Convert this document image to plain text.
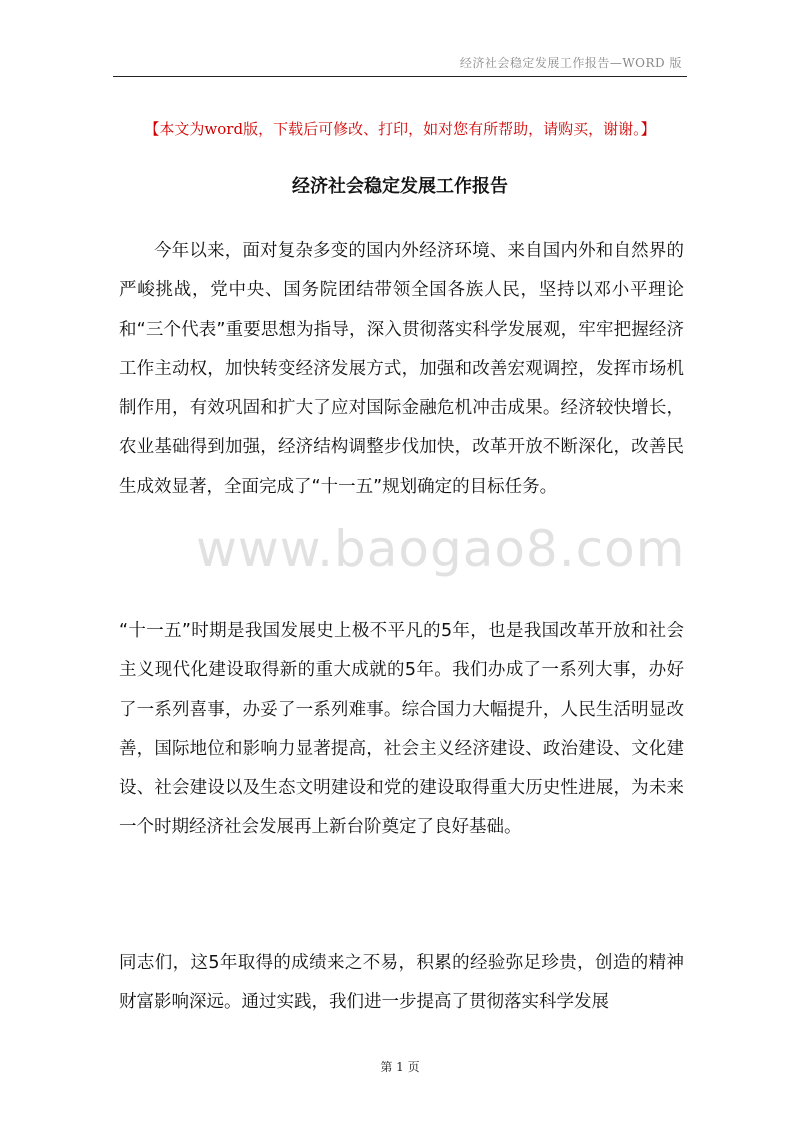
经济社会稳定发展工作报告—WORD 版
【本文为word版，下载后可修改、打印，如对您有所帮助，请购买，谢谢。】
经济社会稳定发展工作报告

今年以来，面对复杂多变的国内外经济环境、来自国内外和自然界的严峻挑战，党中央、国务院团结带领全国各族人民，坚持以邓小平理论和“三个代表”重要思想为指导，深入贯彻落实科学发展观，牢牢把握经济工作主动权，加快转变经济发展方式，加强和改善宏观调控，发挥市场机制作用，有效巩固和扩大了应对国际金融危机冲击成果。经济较快增长，农业基础得到加强，经济结构调整步伐加快，改革开放不断深化，改善民生成效显著，全面完成了“十一五”规划确定的目标任务。

“十一五”时期是我国发展史上极不平凡的5年，也是我国改革开放和社会主义现代化建设取得新的重大成就的5年。我们办成了一系列大事，办好了一系列喜事，办妥了一系列难事。综合国力大幅提升，人民生活明显改善，国际地位和影响力显著提高，社会主义经济建设、政治建设、文化建设、社会建设以及生态文明建设和党的建设取得重大历史性进展，为未来一个时期经济社会发展再上新台阶奠定了良好基础。

同志们，这5年取得的成绩来之不易，积累的经验弥足珍贵，创造的精神财富影响深远。通过实践，我们进一步提高了贯彻落实科学发展

www.baogao8.com
第 1 页
